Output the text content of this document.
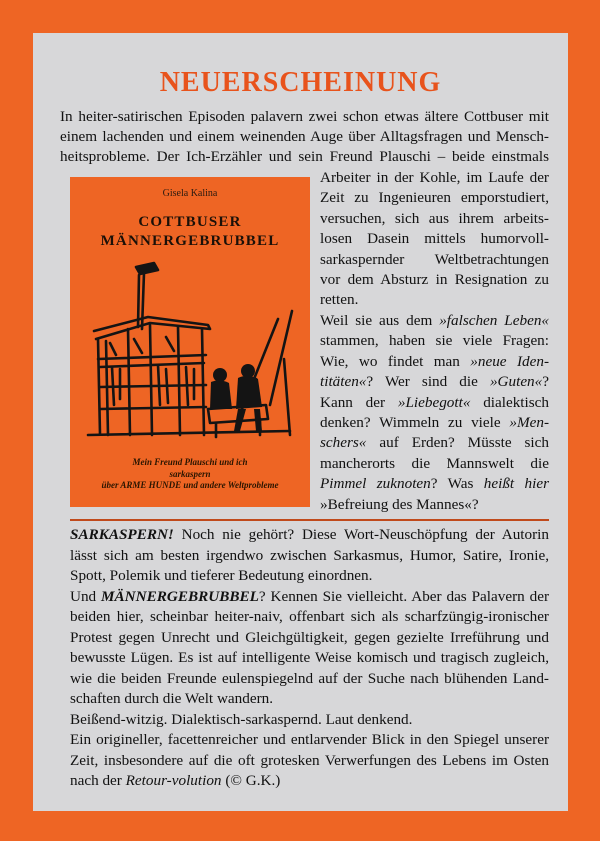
NEUERSCHEINUNG
In heiter-satirischen Episoden palavern zwei schon etwas ältere Cottbuser mit
einem lachenden und einem weinenden Auge über Alltagsfragen und Mensch-
heitsprobleme. Der Ich-Erzähler und sein Freund Plauschi – beide einstmals
Arbeiter in der Kohle, im Laufe der
Zeit zu Ingenieuren emporstudiert,
versuchen, sich aus ihrem arbeits-
losen Dasein mittels humorvoll-
sarkaspernder Weltbetrachtungen
vor dem Absturz in Resignation zu
retten.
Weil sie aus dem »falschen Leben«
stammen, haben sie viele Fragen:
Wie, wo findet man »neue Iden-
titäten«? Wer sind die »Guten«?
Kann der »Liebegott« dialektisch
denken? Wimmeln zu viele »Men-
schers« auf Erden? Müsste sich
mancherorts die Mannswelt die
Pimmel zuknoten? Was heißt hier
»Befreiung des Mannes«?
Gisela Kalina
COTTBUSER
MÄNNERGEBRUBBEL
Mein Freund Plauschi und ich
sarkaspern
über ARME HUNDE und andere Weltprobleme
SARKASPERN! Noch nie gehört? Diese Wort-Neuschöpfung der Autorin
lässt sich am besten irgendwo zwischen Sarkasmus, Humor, Satire, Ironie,
Spott, Polemik und tieferer Bedeutung einordnen.
Und MÄNNERGEBRUBBEL? Kennen Sie vielleicht. Aber das Palavern der
beiden hier, scheinbar heiter-naiv, offenbart sich als scharfzüngig-ironischer
Protest gegen Unrecht und Gleichgültigkeit, gegen gezielte Irreführung und
bewusste Lügen. Es ist auf intelligente Weise komisch und tragisch zugleich,
wie die beiden Freunde eulenspiegelnd auf der Suche nach blühenden Land-
schaften durch die Welt wandern.
Beißend-witzig. Dialektisch-sarkaspernd. Laut denkend.
Ein origineller, facettenreicher und entlarvender Blick in den Spiegel unserer
Zeit, insbesondere auf die oft grotesken Verwerfungen des Lebens im Osten
nach der Retour-volution (© G.K.)
